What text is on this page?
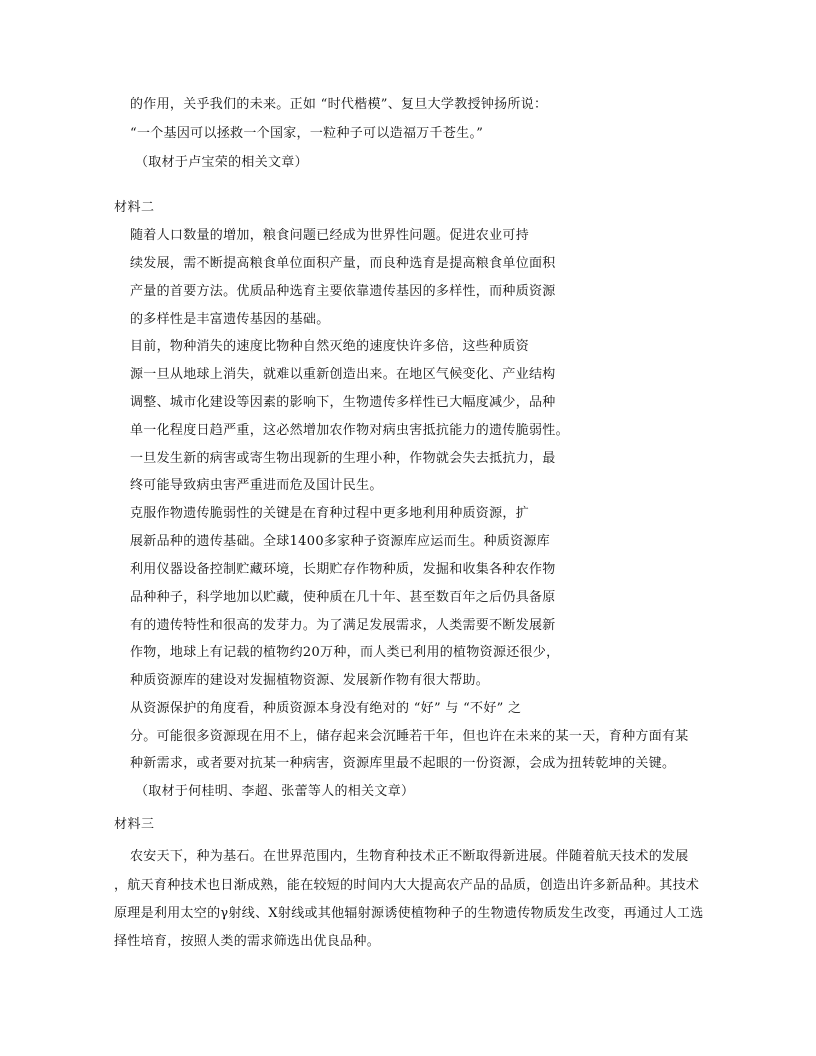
的作用，关乎我们的未来。正如 “时代楷模”、复旦大学教授钟扬所说：
“一个基因可以拯救一个国家，一粒种子可以造福万千苍生。”
（取材于卢宝荣的相关文章）
材料二
随着人口数量的增加，粮食问题已经成为世界性问题。促进农业可持
续发展，需不断提高粮食单位面积产量，而良种选育是提高粮食单位面积
产量的首要方法。优质品种选育主要依靠遗传基因的多样性，而种质资源
的多样性是丰富遗传基因的基础。
目前，物种消失的速度比物种自然灭绝的速度快许多倍，这些种质资
源一旦从地球上消失，就难以重新创造出来。在地区气候变化、产业结构
调整、城市化建设等因素的影响下，生物遗传多样性已大幅度减少，品种
单一化程度日趋严重，这必然增加农作物对病虫害抵抗能力的遗传脆弱性。
一旦发生新的病害或寄生物出现新的生理小种，作物就会失去抵抗力，最
终可能导致病虫害严重进而危及国计民生。
克服作物遗传脆弱性的关键是在育种过程中更多地利用种质资源，扩
展新品种的遗传基础。全球1400多家种子资源库应运而生。种质资源库
利用仪器设备控制贮藏环境，长期贮存作物种质，发掘和收集各种农作物
品种种子，科学地加以贮藏，使种质在几十年、甚至数百年之后仍具备原
有的遗传特性和很高的发芽力。为了满足发展需求，人类需要不断发展新
作物，地球上有记载的植物约20万种，而人类已利用的植物资源还很少，
种质资源库的建设对发掘植物资源、发展新作物有很大帮助。
从资源保护的角度看，种质资源本身没有绝对的 “好” 与 “不好” 之
分。可能很多资源现在用不上，储存起来会沉睡若干年，但也许在未来的某一天，育种方面有某
种新需求，或者要对抗某一种病害，资源库里最不起眼的一份资源，会成为扭转乾坤的关键。
（取材于何桂明、李超、张蕾等人的相关文章）
材料三
农安天下，种为基石。在世界范围内，生物育种技术正不断取得新进展。伴随着航天技术的发展
，航天育种技术也日渐成熟，能在较短的时间内大大提高农产品的品质，创造出许多新品种。其技术
原理是利用太空的γ射线、X射线或其他辐射源诱使植物种子的生物遗传物质发生改变，再通过人工选
择性培育，按照人类的需求筛选出优良品种。
